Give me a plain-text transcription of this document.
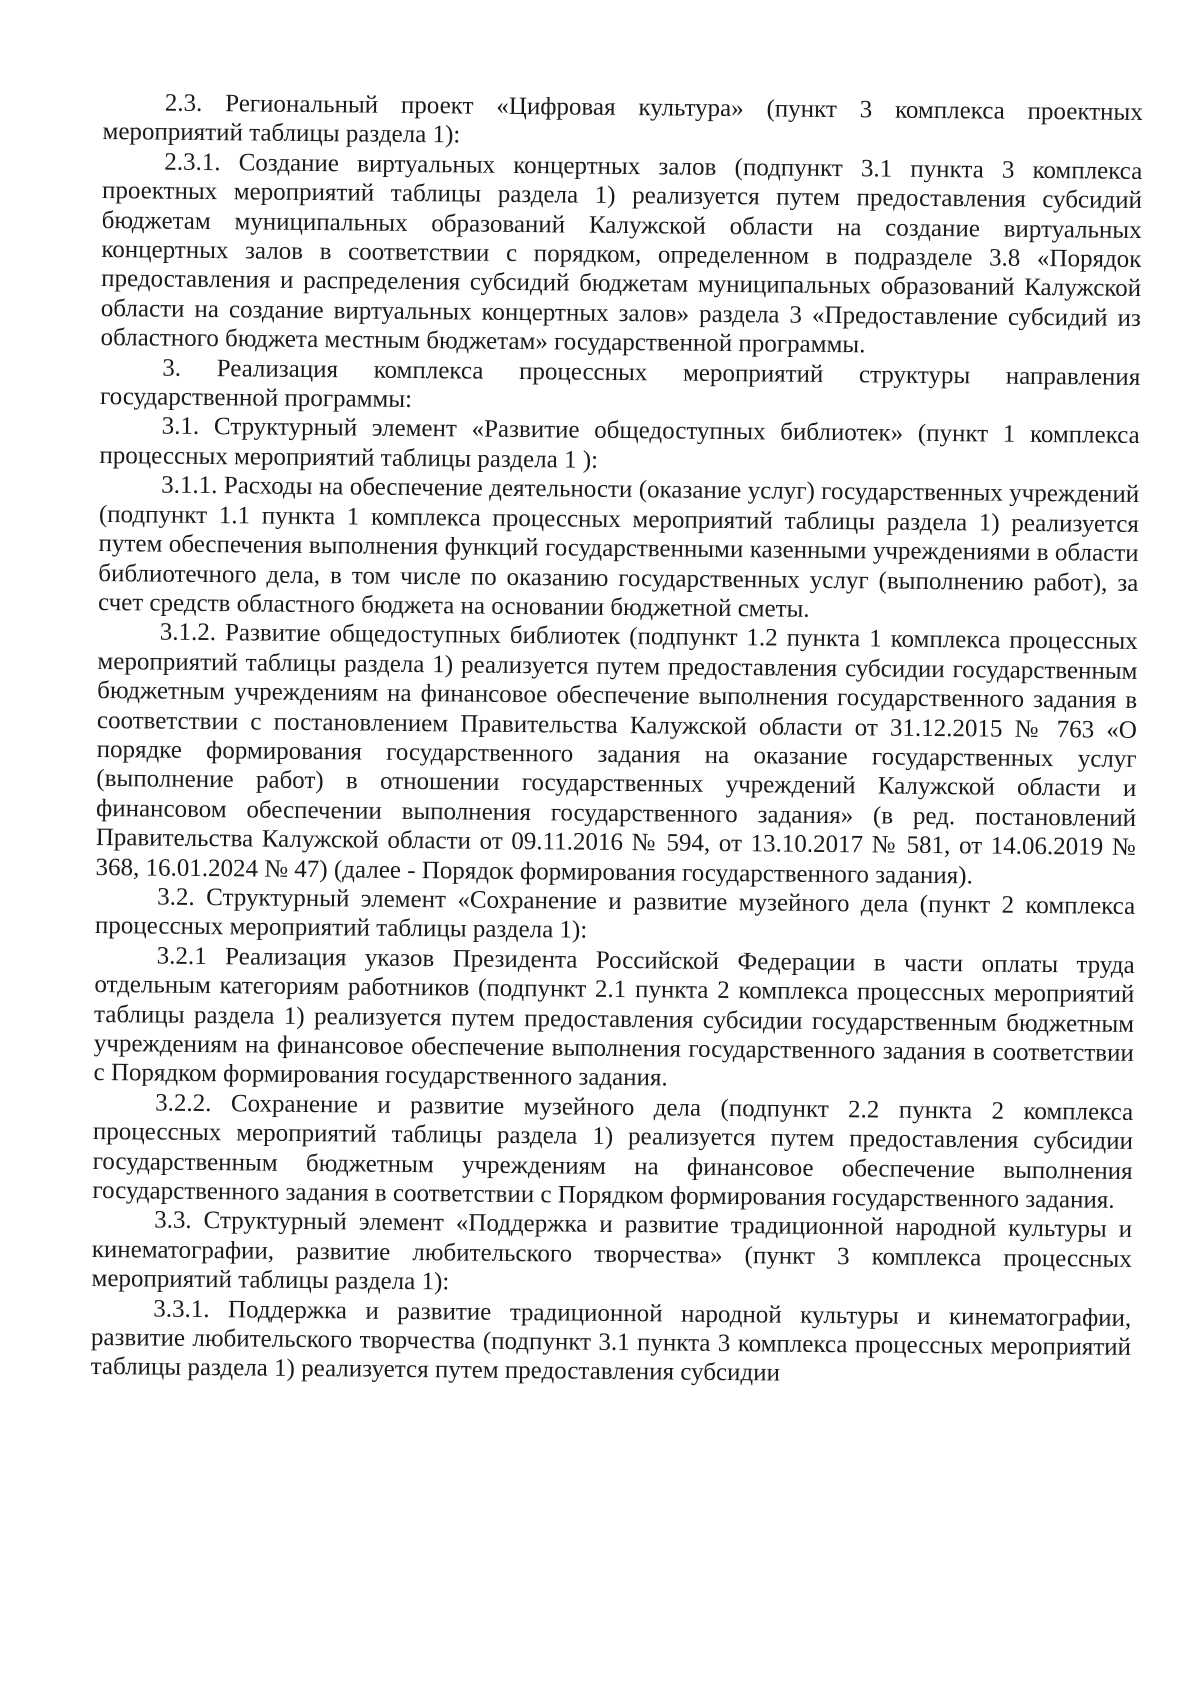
2.3. Региональный проект «Цифровая культура» (пункт 3 комплекса проектных мероприятий таблицы раздела 1):

2.3.1. Создание виртуальных концертных залов (подпункт 3.1 пункта 3 комплекса проектных мероприятий таблицы раздела 1) реализуется путем предоставления субсидий бюджетам муниципальных образований Калужской области на создание виртуальных концертных залов в соответствии с порядком, определенном в подразделе 3.8 «Порядок предоставления и распределения субсидий бюджетам муниципальных образований Калужской области на создание виртуальных концертных залов» раздела 3 «Предоставление субсидий из областного бюджета местным бюджетам» государственной программы.

3. Реализация комплекса процессных мероприятий структуры направления государственной программы:

3.1. Структурный элемент «Развитие общедоступных библиотек» (пункт 1 комплекса процессных мероприятий таблицы раздела 1 ):

3.1.1. Расходы на обеспечение деятельности (оказание услуг) государственных учреждений (подпункт 1.1 пункта 1 комплекса процессных мероприятий таблицы раздела 1) реализуется путем обеспечения выполнения функций государственными казенными учреждениями в области библиотечного дела, в том числе по оказанию государственных услуг (выполнению работ), за счет средств областного бюджета на основании бюджетной сметы.

3.1.2. Развитие общедоступных библиотек (подпункт 1.2 пункта 1 комплекса процессных мероприятий таблицы раздела 1) реализуется путем предоставления субсидии государственным бюджетным учреждениям на финансовое обеспечение выполнения государственного задания в соответствии с постановлением Правительства Калужской области от 31.12.2015 № 763 «О порядке формирования государственного задания на оказание государственных услуг (выполнение работ) в отношении государственных учреждений Калужской области и финансовом обеспечении выполнения государственного задания» (в ред. постановлений Правительства Калужской области от 09.11.2016 № 594, от 13.10.2017 № 581, от 14.06.2019 № 368, 16.01.2024 № 47) (далее - Порядок формирования государственного задания).

3.2. Структурный элемент «Сохранение и развитие музейного дела (пункт 2 комплекса процессных мероприятий таблицы раздела 1):

3.2.1 Реализация указов Президента Российской Федерации в части оплаты труда отдельным категориям работников (подпункт 2.1 пункта 2 комплекса процессных мероприятий таблицы раздела 1) реализуется путем предоставления субсидии государственным бюджетным учреждениям на финансовое обеспечение выполнения государственного задания в соответствии с Порядком формирования государственного задания.

3.2.2. Сохранение и развитие музейного дела (подпункт 2.2 пункта 2 комплекса процессных мероприятий таблицы раздела 1) реализуется путем предоставления субсидии государственным бюджетным учреждениям на финансовое обеспечение выполнения государственного задания в соответствии с Порядком формирования государственного задания.

3.3. Структурный элемент «Поддержка и развитие традиционной народной культуры и кинематографии, развитие любительского творчества» (пункт 3 комплекса процессных мероприятий таблицы раздела 1):

3.3.1. Поддержка и развитие традиционной народной культуры и кинематографии, развитие любительского творчества (подпункт 3.1 пункта 3 комплекса процессных мероприятий таблицы раздела 1) реализуется путем предоставления субсидии
